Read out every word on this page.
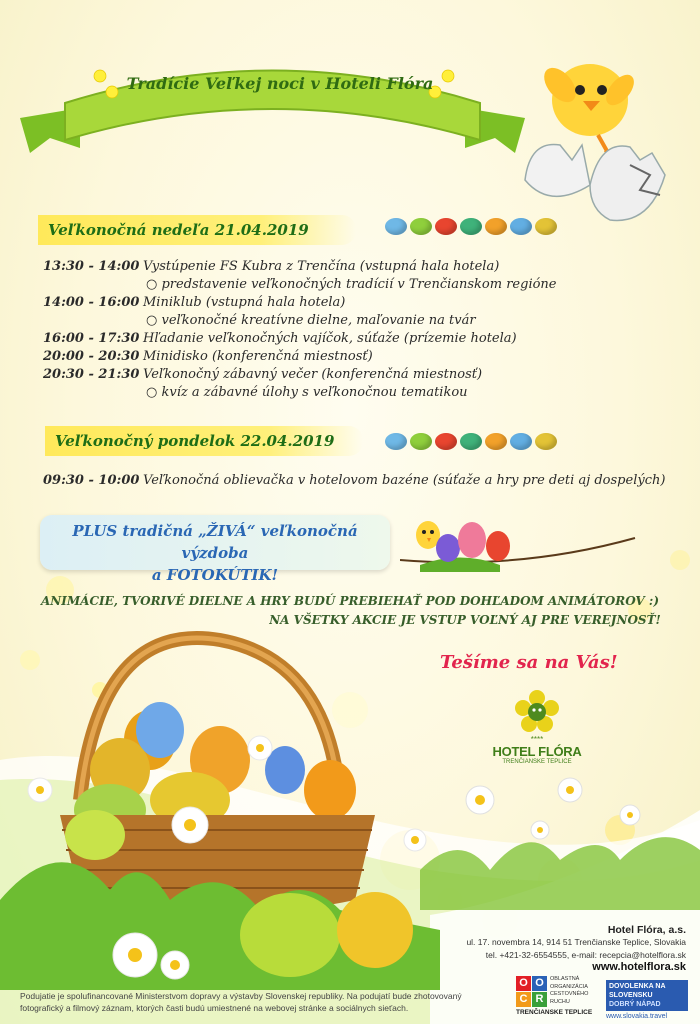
Tradície Veľkej noci v Hoteli Flóra
Veľkonočná nedeľa 21.04.2019
13:30 - 14:00 Vystúpenie FS Kubra z Trenčína (vstupná hala hotela)
○ predstavenie veľkonočných tradícií v Trenčianskom regióne
14:00 - 16:00 Miniklub (vstupná hala hotela)
○ veľkonočné kreatívne dielne, maľovanie na tvár
16:00 - 17:30 Hľadanie veľkonočných vajíčok, súťaže (prízemie hotela)
20:00 - 20:30 Minidisko (konferenčná miestnosť)
20:30 - 21:30 Veľkonočný zábavný večer (konferenčná miestnosť)
○ kvíz a zábavné úlohy s veľkonočnou tematikou
Veľkonočný pondelok 22.04.2019
09:30 - 10:00 Veľkonočná oblievačka v hotelovom bazéne (súťaže a hry pre deti aj dospelých)
PLUS tradičná „ŽIVÁ“ veľkonočná výzdoba
a FOTOKÚTIK!
ANIMÁCIE, TVORIVÉ DIELNE A HRY BUDÚ PREBIEHAŤ POD DOHĽADOM ANIMÁTOROV :)
NA VŠETKY AKCIE JE VSTUP VOĽNÝ AJ PRE VEREJNOSŤ!
Tešíme sa na Vás!
****
HOTEL FLÓRA
TRENČIANSKE TEPLICE
Hotel Flóra, a.s.
ul. 17. novembra 14, 914 51 Trenčianske Teplice, Slovakia
tel. +421-32-6554555, e-mail: recepcia@hotelflora.sk
www.hotelflora.sk
Podujatie je spolufinancované Ministerstvom dopravy a výstavby Slovenskej republiky. Na podujatí bude zhotovovaný fotografický a filmový záznam, ktorých časti budú umiestnené na webovej stránke a sociálnych sieťach.
O O
C R
OBLASTNÁ
ORGANIZÁCIA
CESTOVNÉHO
RUCHU
TRENČIANSKE TEPLICE
DOVOLENKA NA
SLOVENSKU
DOBRÝ NÁPAD
www.slovakia.travel
